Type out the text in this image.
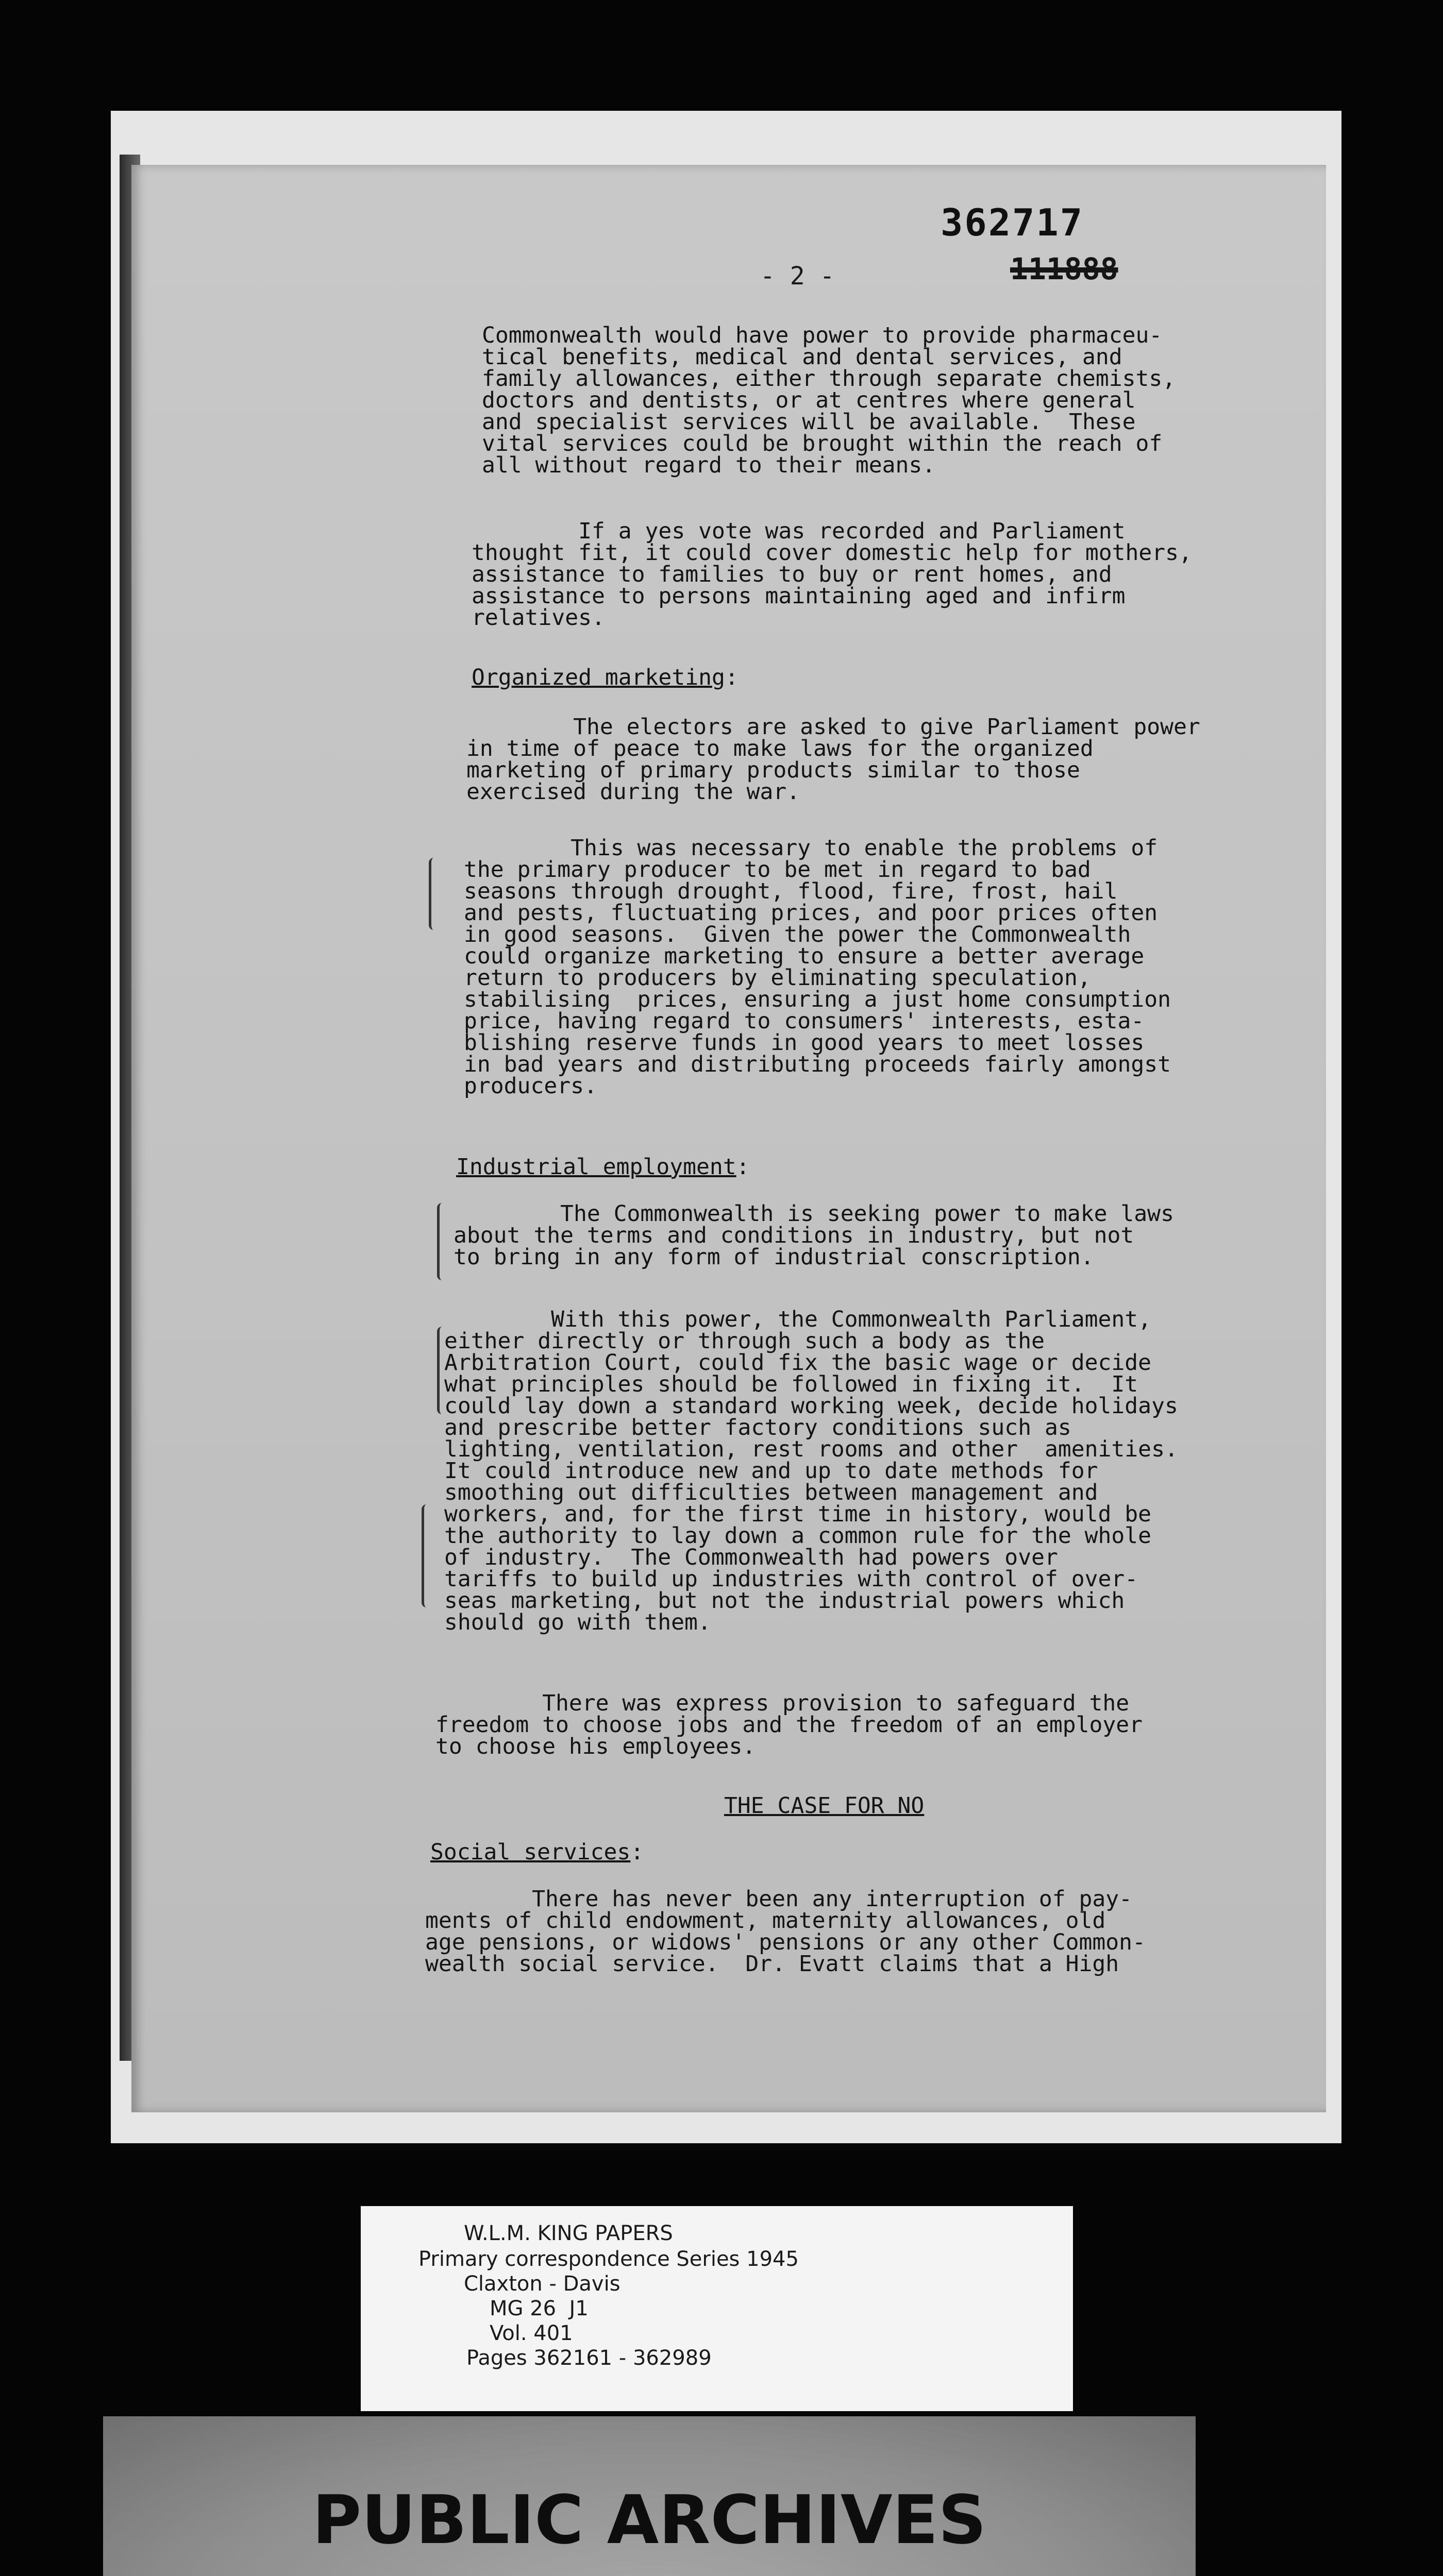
362717
111888
- 2 -
Commonwealth would have power to provide pharmaceu-
tical benefits, medical and dental services, and
family allowances, either through separate chemists,
doctors and dentists, or at centres where general
and specialist services will be available.  These
vital services could be brought within the reach of
all without regard to their means.
If a yes vote was recorded and Parliament
thought fit, it could cover domestic help for mothers,
assistance to families to buy or rent homes, and
assistance to persons maintaining aged and infirm
relatives.
Organized marketing:
The electors are asked to give Parliament power
in time of peace to make laws for the organized
marketing of primary products similar to those
exercised during the war.
This was necessary to enable the problems of
the primary producer to be met in regard to bad
seasons through drought, flood, fire, frost, hail
and pests, fluctuating prices, and poor prices often
in good seasons.  Given the power the Commonwealth
could organize marketing to ensure a better average
return to producers by eliminating speculation,
stabilising  prices, ensuring a just home consumption
price, having regard to consumers' interests, esta-
blishing reserve funds in good years to meet losses
in bad years and distributing proceeds fairly amongst
producers.
Industrial employment:
The Commonwealth is seeking power to make laws
about the terms and conditions in industry, but not
to bring in any form of industrial conscription.
With this power, the Commonwealth Parliament,
either directly or through such a body as the
Arbitration Court, could fix the basic wage or decide
what principles should be followed in fixing it.  It
could lay down a standard working week, decide holidays
and prescribe better factory conditions such as
lighting, ventilation, rest rooms and other  amenities.
It could introduce new and up to date methods for
smoothing out difficulties between management and
workers, and, for the first time in history, would be
the authority to lay down a common rule for the whole
of industry.  The Commonwealth had powers over
tariffs to build up industries with control of over-
seas marketing, but not the industrial powers which
should go with them.
There was express provision to safeguard the
freedom to choose jobs and the freedom of an employer
to choose his employees.
THE CASE FOR NO
Social services:
There has never been any interruption of pay-
ments of child endowment, maternity allowances, old
age pensions, or widows' pensions or any other Common-
wealth social service.  Dr. Evatt claims that a High
W.L.M. KING PAPERS
Primary correspondence Series 1945
Claxton - Davis
MG 26  J1
Vol. 401
Pages 362161 - 362989
PUBLIC ARCHIVES
